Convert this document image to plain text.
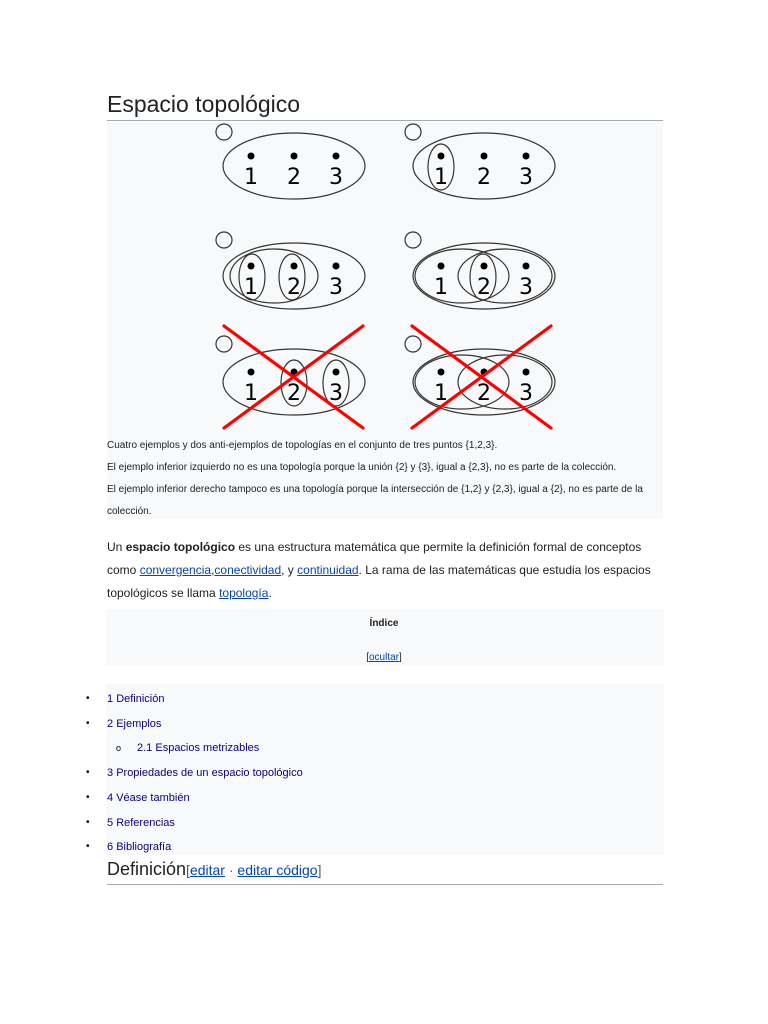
Espacio topológico
1 2 3	1 2 3
1 2 3	1 2 3
1 2 3	1 2 3

Cuatro ejemplos y dos anti-ejemplos de topologías en el conjunto de tres puntos {1,2,3}.

El ejemplo inferior izquierdo no es una topología porque la unión {2} y {3}, igual a {2,3}, no es parte de la colección.

El ejemplo inferior derecho tampoco es una topología porque la intersección de {1,2} y {2,3}, igual a {2}, no es parte de la colección.

Un espacio topológico es una estructura matemática que permite la definición formal de conceptos como convergencia,conectividad, y continuidad. La rama de las matemáticas que estudia los espacios topológicos se llama topología.

Índice
[ocultar]
• 1 Definición
• 2 Ejemplos
o 2.1 Espacios metrizables
• 3 Propiedades de un espacio topológico
• 4 Véase también
• 5 Referencias
• 6 Bibliografía
Definición[editar · editar código]
